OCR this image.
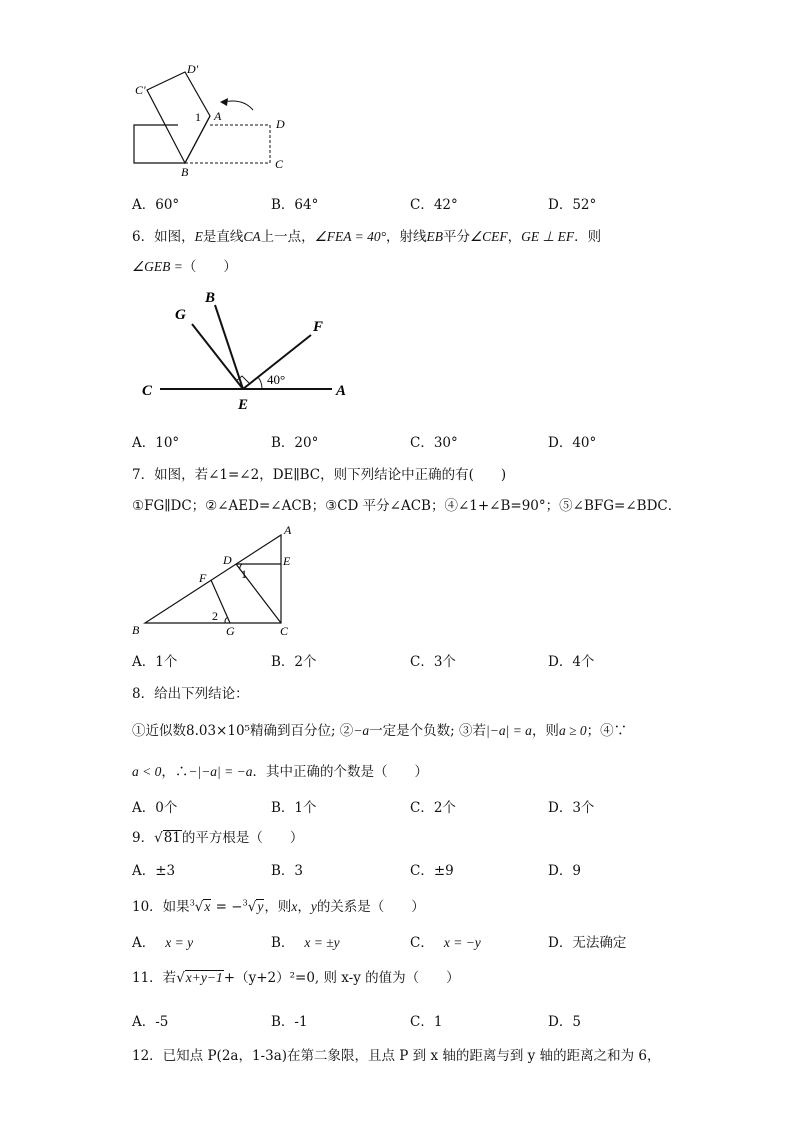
C'
D'
1 A
D
B
C
A．60°	B．64°	C．42°	D．52°
6．如图，E是直线CA上一点，∠FEA = 40°，射线EB平分∠CEF，GE ⊥ EF．则
∠GEB =（　　）
G
B
F
C
E
A
40°
A．10°	B．20°	C．30°	D．40°
7．如图，若∠1=∠2，DE∥BC，则下列结论中正确的有(　　)
①FG∥DC；②∠AED=∠ACB；③CD 平分∠ACB；④∠1+∠B=90°；⑤∠BFG=∠BDC．
A
D	E
1
F
2
B	G	C
A．1个	B．2个	C．3个	D．4个
8．给出下列结论：
①近似数8.03×10⁵精确到百分位; ②−a一定是个负数; ③若|−a| = a，则a ≥ 0；④∵
a < 0，∴−|−a| = −a．其中正确的个数是（　　）
A．0个	B．1个	C．2个	D．3个
9．√81的平方根是（　　）
A．±3	B．3	C．±9	D．9
10．如果$^3$√x = −$^3$√y，则x，y的关系是（　　）
A． x = y	B． x = ±y	C． x = −y	D．无法确定
11．若√x+y−1+（y+2）²=0, 则 x-y 的值为（　　）
A．-5	B．-1	C．1	D．5
12．已知点 P(2a，1-3a)在第二象限，且点 P 到 x 轴的距离与到 y 轴的距离之和为 6，
